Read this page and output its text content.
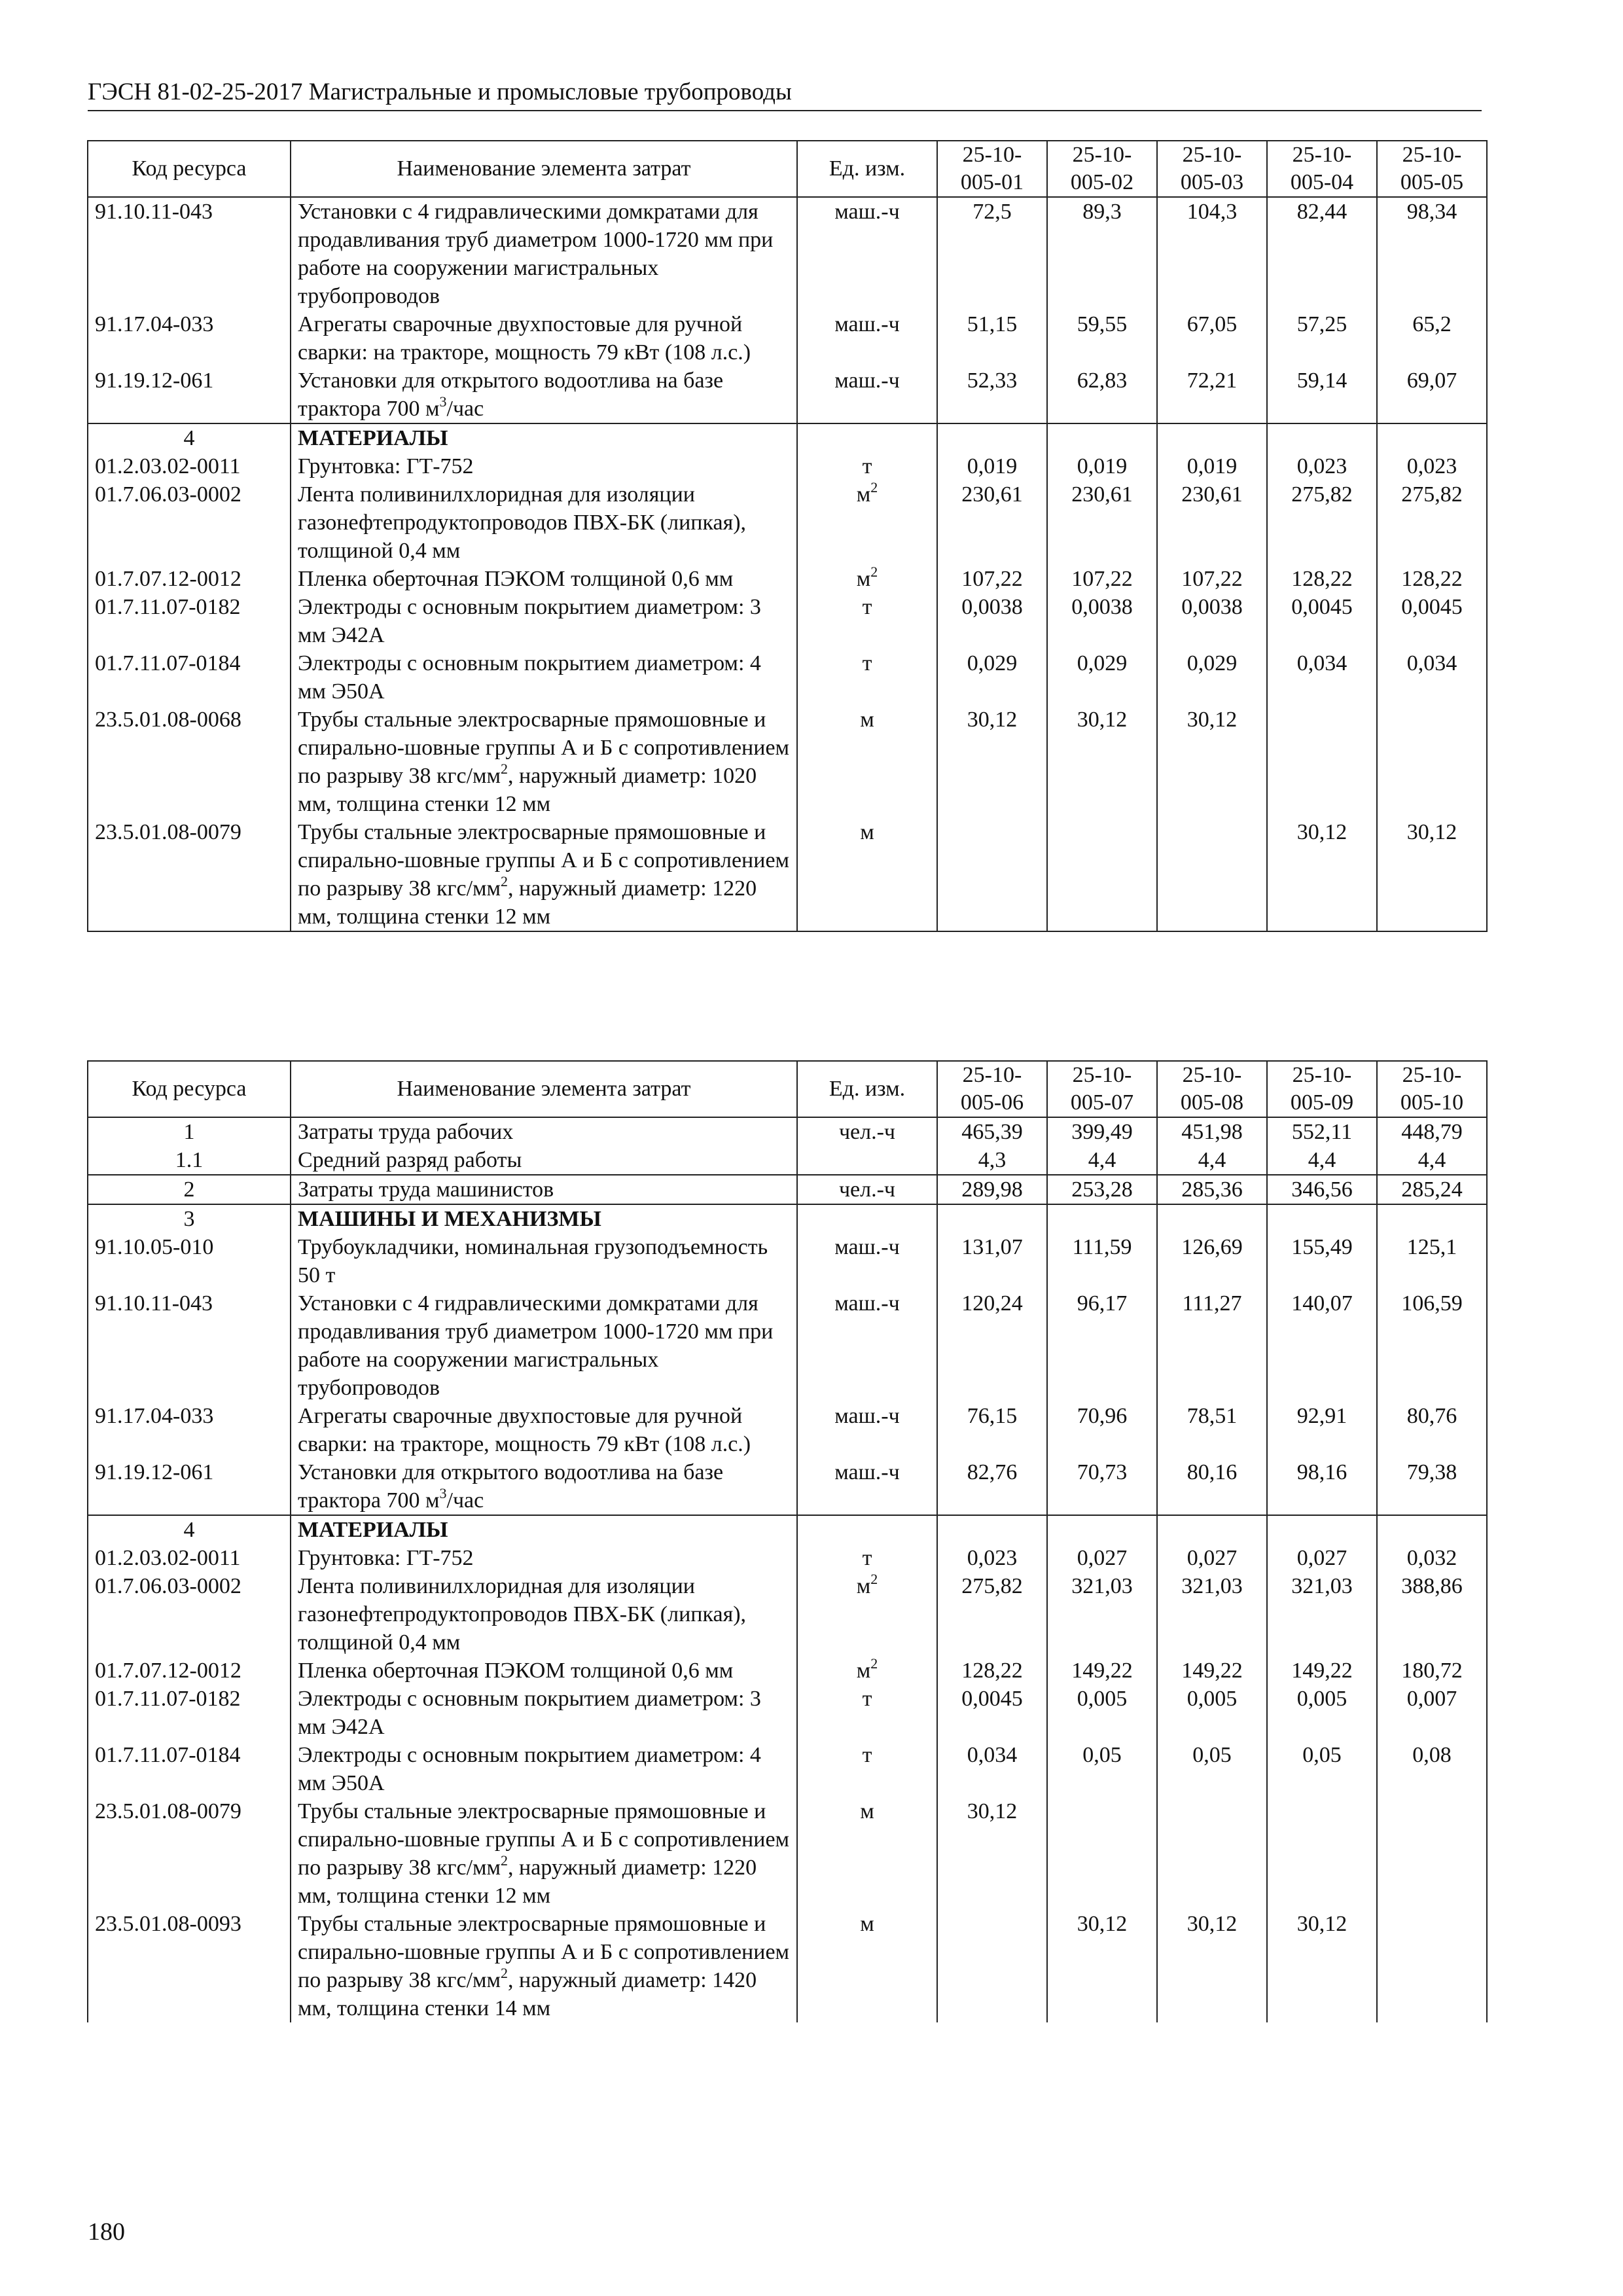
ГЭСН 81-02-25-2017 Магистральные и промысловые трубопроводы
Код ресурса	Наименование элемента затрат	Ед. изм.	25-10-005-01	25-10-005-02	25-10-005-03	25-10-005-04	25-10-005-05
91.10.11-043	Установки с 4 гидравлическими домкратами для продавливания труб диаметром 1000-1720 мм при работе на сооружении магистральных трубопроводов	маш.-ч	72,5	89,3	104,3	82,44	98,34
91.17.04-033	Агрегаты сварочные двухпостовые для ручной сварки: на тракторе, мощность 79 кВт (108 л.с.)	маш.-ч	51,15	59,55	67,05	57,25	65,2
91.19.12-061	Установки для открытого водоотлива на базе трактора 700 $м^3$/час	маш.-ч	52,33	62,83	72,21	59,14	69,07
4	МАТЕРИАЛЫ						
01.2.03.02-0011	Грунтовка: ГТ-752	т	0,019	0,019	0,019	0,023	0,023
01.7.06.03-0002	Лента поливинилхлоридная для изоляции газонефтепродуктопроводов ПВХ-БК (липкая), толщиной 0,4 мм	$м^2$	230,61	230,61	230,61	275,82	275,82
01.7.07.12-0012	Пленка оберточная ПЭКОМ толщиной 0,6 мм	$м^2$	107,22	107,22	107,22	128,22	128,22
01.7.11.07-0182	Электроды с основным покрытием диаметром: 3 мм Э42А	т	0,0038	0,0038	0,0038	0,0045	0,0045
01.7.11.07-0184	Электроды с основным покрытием диаметром: 4 мм Э50А	т	0,029	0,029	0,029	0,034	0,034
23.5.01.08-0068	Трубы стальные электросварные прямошовные и спирально-шовные группы А и Б с сопротивлением по разрыву 38 кгс/$мм^2$, наружный диаметр: 1020 мм, толщина стенки 12 мм	м	30,12	30,12	30,12		
23.5.01.08-0079	Трубы стальные электросварные прямошовные и спирально-шовные группы А и Б с сопротивлением по разрыву 38 кгс/$мм^2$, наружный диаметр: 1220 мм, толщина стенки 12 мм	м				30,12	30,12
Код ресурса	Наименование элемента затрат	Ед. изм.	25-10-005-06	25-10-005-07	25-10-005-08	25-10-005-09	25-10-005-10
1	Затраты труда рабочих	чел.-ч	465,39	399,49	451,98	552,11	448,79
1.1	Средний разряд работы		4,3	4,4	4,4	4,4	4,4
2	Затраты труда машинистов	чел.-ч	289,98	253,28	285,36	346,56	285,24
3	МАШИНЫ И МЕХАНИЗМЫ						
91.10.05-010	Трубоукладчики, номинальная грузоподъемность 50 т	маш.-ч	131,07	111,59	126,69	155,49	125,1
91.10.11-043	Установки с 4 гидравлическими домкратами для продавливания труб диаметром 1000-1720 мм при работе на сооружении магистральных трубопроводов	маш.-ч	120,24	96,17	111,27	140,07	106,59
91.17.04-033	Агрегаты сварочные двухпостовые для ручной сварки: на тракторе, мощность 79 кВт (108 л.с.)	маш.-ч	76,15	70,96	78,51	92,91	80,76
91.19.12-061	Установки для открытого водоотлива на базе трактора 700 $м^3$/час	маш.-ч	82,76	70,73	80,16	98,16	79,38
4	МАТЕРИАЛЫ						
01.2.03.02-0011	Грунтовка: ГТ-752	т	0,023	0,027	0,027	0,027	0,032
01.7.06.03-0002	Лента поливинилхлоридная для изоляции газонефтепродуктопроводов ПВХ-БК (липкая), толщиной 0,4 мм	$м^2$	275,82	321,03	321,03	321,03	388,86
01.7.07.12-0012	Пленка оберточная ПЭКОМ толщиной 0,6 мм	$м^2$	128,22	149,22	149,22	149,22	180,72
01.7.11.07-0182	Электроды с основным покрытием диаметром: 3 мм Э42А	т	0,0045	0,005	0,005	0,005	0,007
01.7.11.07-0184	Электроды с основным покрытием диаметром: 4 мм Э50А	т	0,034	0,05	0,05	0,05	0,08
23.5.01.08-0079	Трубы стальные электросварные прямошовные и спирально-шовные группы А и Б с сопротивлением по разрыву 38 кгс/$мм^2$, наружный диаметр: 1220 мм, толщина стенки 12 мм	м	30,12				
23.5.01.08-0093	Трубы стальные электросварные прямошовные и спирально-шовные группы А и Б с сопротивлением по разрыву 38 кгс/$мм^2$, наружный диаметр: 1420 мм, толщина стенки 14 мм	м		30,12	30,12	30,12	
180
